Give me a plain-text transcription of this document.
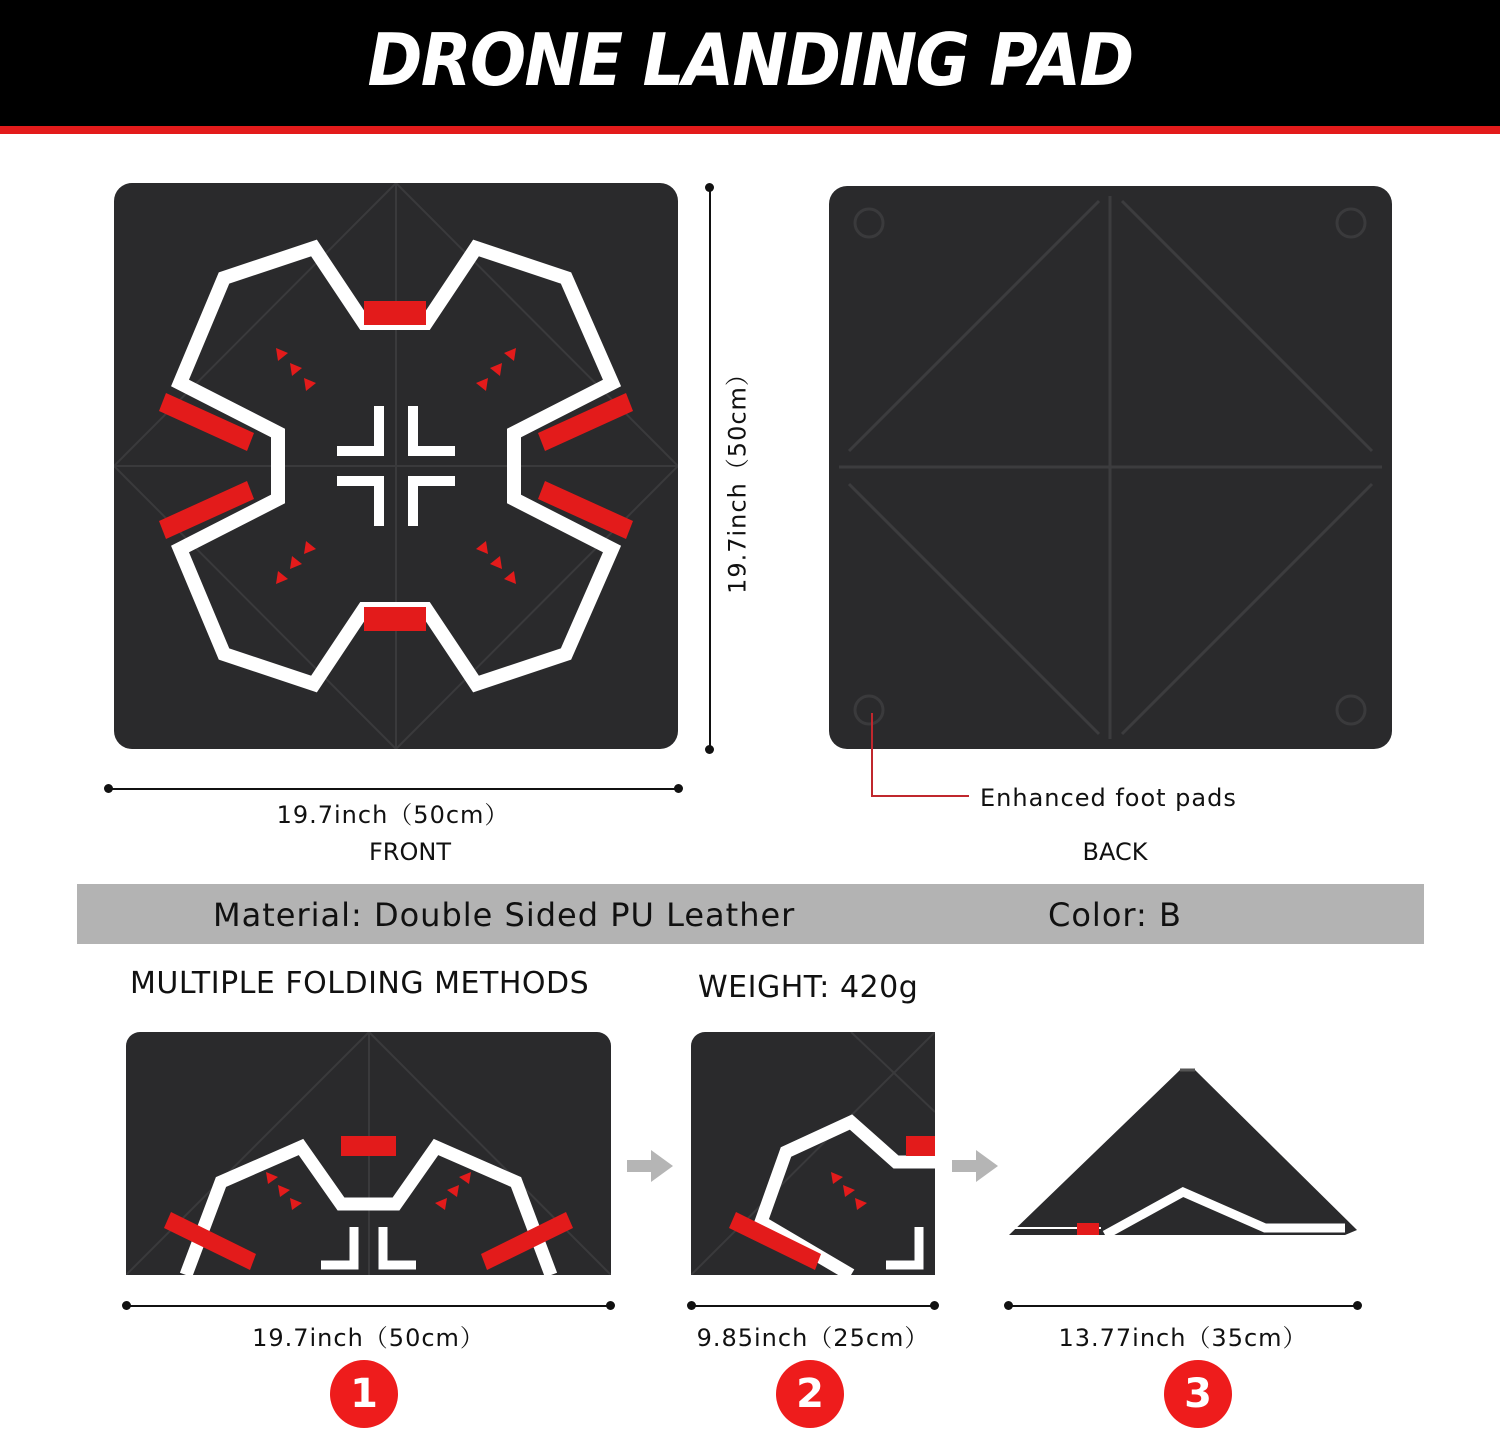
DRONE LANDING PAD
19.7inch（50cm）
19.7inch（50cm）
FRONT
Enhanced foot pads
BACK
Material: Double Sided PU Leather	Color: B
MULTIPLE FOLDING METHODS	WEIGHT: 420g
19.7inch（50cm）	9.85inch（25cm）	13.77inch（35cm）
1	2	3
